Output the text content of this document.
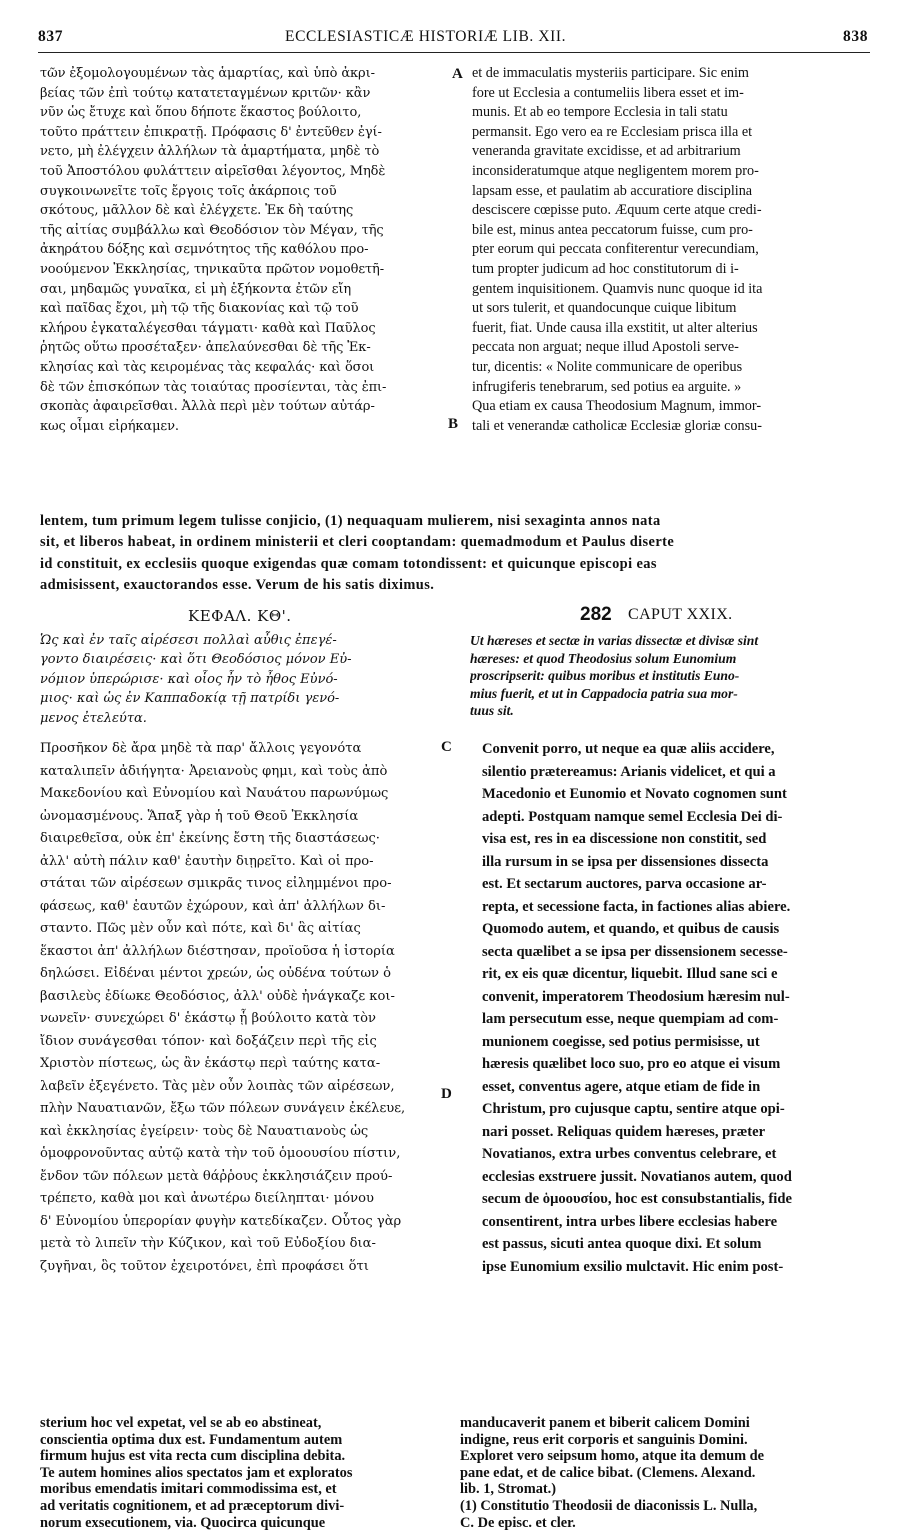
837	ECCLESIASTICÆ HISTORIÆ LIB. XII.	838
τῶν ἐξομολογουμένων τὰς ἁμαρτίας, καὶ ὑπὸ ἀκρι-
βείας τῶν ἐπὶ τούτῳ κατατεταγμένων κριτῶν· κἂν
νῦν ὡς ἔτυχε καὶ ὅπου δήποτε ἕκαστος βούλοιτο,
τοῦτο πράττειν ἐπικρατῇ. Πρόφασις δ' ἐντεῦθεν ἐγί-
νετο, μὴ ἐλέγχειν ἀλλήλων τὰ ἁμαρτήματα, μηδὲ τὸ
τοῦ Ἀποστόλου φυλάττειν αἱρεῖσθαι λέγοντος, Μηδὲ
συγκοινωνεῖτε τοῖς ἔργοις τοῖς ἀκάρποις τοῦ
σκότους, μᾶλλον δὲ καὶ ἐλέγχετε. Ἐκ δὴ ταύτης
τῆς αἰτίας συμβάλλω καὶ Θεοδόσιον τὸν Μέγαν, τῆς
ἀκηράτου δόξης καὶ σεμνότητος τῆς καθόλου προ-
νοούμενον Ἐκκλησίας, τηνικαῦτα πρῶτον νομοθετῆ-
σαι, μηδαμῶς γυναῖκα, εἰ μὴ ἑξήκοντα ἐτῶν εἴη
καὶ παῖδας ἔχοι, μὴ τῷ τῆς διακονίας καὶ τῷ τοῦ
κλήρου ἐγκαταλέγεσθαι τάγματι· καθὰ καὶ Παῦλος
ῥητῶς οὕτω προσέταξεν· ἀπελαύνεσθαι δὲ τῆς Ἐκ-
κλησίας καὶ τὰς κειρομένας τὰς κεφαλάς· καὶ ὅσοι
δὲ τῶν ἐπισκόπων τὰς τοιαύτας προσίενται, τὰς ἐπι-
σκοπὰς ἀφαιρεῖσθαι. Ἀλλὰ περὶ μὲν τούτων αὐτάρ-
κως οἶμαι εἰρήκαμεν.
et de immaculatis mysteriis participare. Sic enim
fore ut Ecclesia a contumeliis libera esset et im-
munis. Et ab eo tempore Ecclesia in tali statu
permansit. Ego vero ea re Ecclesiam prisca illa et
veneranda gravitate excidisse, et ad arbitrarium
inconsideratumque atque negligentem morem pro-
lapsam esse, et paulatim ab accuratiore disciplina
desciscere cœpisse puto. Æquum certe atque credi-
bile est, minus antea peccatorum fuisse, cum pro-
pter eorum qui peccata confiterentur verecundiam,
tum propter judicum ad hoc constitutorum di i-
gentem inquisitionem. Quamvis nunc quoque id ita
ut sors tulerit, et quandocunque cuique libitum
fuerit, fiat. Unde causa illa exstitit, ut alter alterius
peccata non arguat; neque illud Apostoli serve-
tur, dicentis: « Nolite communicare de operibus
infrugiferis tenebrarum, sed potius ea arguite. »
Qua etiam ex causa Theodosium Magnum, immor-
tali et venerandæ catholicæ Ecclesiæ gloriæ consu-
A
B
lentem, tum primum legem tulisse conjicio, (1) nequaquam mulierem, nisi sexaginta annos nata
sit, et liberos habeat, in ordinem ministerii et cleri cooptandam: quemadmodum et Paulus diserte
id constituit, ex ecclesiis quoque exigendas quæ comam totondissent: et quicunque episcopi eas
admisissent, exauctorandos esse. Verum de his satis diximus.
ΚΕΦΑΛ. ΚΘ'.	282 CAPUT XXIX.
Ὡς καὶ ἐν ταῖς αἱρέσεσι πολλαὶ αὖθις ἐπεγέ-
γοντο διαιρέσεις· καὶ ὅτι Θεοδόσιος μόνον Εὐ-
νόμιον ὑπερώρισε· καὶ οἷος ἦν τὸ ἦθος Εὐνό-
μιος· καὶ ὡς ἐν Καππαδοκίᾳ τῇ πατρίδι γενό-
μενος ἐτελεύτα.
Ut hæreses et sectæ in varias dissectæ et divisæ sint
hæreses: et quod Theodosius solum Eunomium
proscripserit: quibus moribus et institutis Euno-
mius fuerit, et ut in Cappadocia patria sua mor-
tuus sit.
Προσῆκον δὲ ἄρα μηδὲ τὰ παρ' ἄλλοις γεγονότα
καταλιπεῖν ἀδιήγητα· Ἀρειανοὺς φημι, καὶ τοὺς ἀπὸ
Μακεδονίου καὶ Εὐνομίου καὶ Ναυάτου παρωνύμως
ὠνομασμένους. Ἅπαξ γὰρ ἡ τοῦ Θεοῦ Ἐκκλησία
διαιρεθεῖσα, οὐκ ἐπ' ἐκείνης ἔστη τῆς διαστάσεως·
ἀλλ' αὐτὴ πάλιν καθ' ἑαυτὴν διῃρεῖτο. Καὶ οἱ προ-
στάται τῶν αἱρέσεων σμικρᾶς τινος εἰλημμένοι προ-
φάσεως, καθ' ἑαυτῶν ἐχώρουν, καὶ ἀπ' ἀλλήλων δι-
σταντο. Πῶς μὲν οὖν καὶ πότε, καὶ δι' ἃς αἰτίας
ἕκαστοι ἀπ' ἀλλήλων διέστησαν, προϊοῦσα ἡ ἱστορία
δηλώσει. Εἰδέναι μέντοι χρεών, ὡς οὐδένα τούτων ὁ
βασιλεὺς ἐδίωκε Θεοδόσιος, ἀλλ' οὐδὲ ἠνάγκαζε κοι-
νωνεῖν· συνεχώρει δ' ἑκάστῳ ᾗ βούλοιτο κατὰ τὸν
ἴδιον συνάγεσθαι τόπον· καὶ δοξάζειν περὶ τῆς εἰς
Χριστὸν πίστεως, ὡς ἂν ἑκάστῳ περὶ ταύτης κατα-
λαβεῖν ἐξεγένετο. Τὰς μὲν οὖν λοιπὰς τῶν αἱρέσεων,
πλὴν Ναυατιανῶν, ἔξω τῶν πόλεων συνάγειν ἐκέλευε,
καὶ ἐκκλησίας ἐγείρειν· τοὺς δὲ Ναυατιανοὺς ὡς
ὁμοφρονοῦντας αὐτῷ κατὰ τὴν τοῦ ὁμοουσίου πίστιν,
ἔνδον τῶν πόλεων μετὰ θάῤῥους ἐκκλησιάζειν πρού-
τρέπετο, καθὰ μοι καὶ ἀνωτέρω διείληπται· μόνου
δ' Εὐνομίου ὑπερορίαν φυγὴν κατεδίκαζεν. Οὗτος γὰρ
μετὰ τὸ λιπεῖν τὴν Κύζικον, καὶ τοῦ Εὐδοξίου δια-
ζυγῆναι, ὃς τοῦτον ἐχειροτόνει, ἐπὶ προφάσει ὅτι
Convenit porro, ut neque ea quæ aliis accidere,
silentio prætereamus: Arianis videlicet, et qui a
Macedonio et Eunomio et Novato cognomen sunt
adepti. Postquam namque semel Ecclesia Dei di-
visa est, res in ea discessione non constitit, sed
illa rursum in se ipsa per dissensiones dissecta
est. Et sectarum auctores, parva occasione ar-
repta, et secessione facta, in factiones alias abiere.
Quomodo autem, et quando, et quibus de causis
secta quælibet a se ipsa per dissensionem secesse-
rit, ex eis quæ dicentur, liquebit. Illud sane sci e
convenit, imperatorem Theodosium hæresim nul-
lam persecutum esse, neque quempiam ad com-
munionem coegisse, sed potius permisisse, ut
hæresis quælibet loco suo, pro eo atque ei visum
esset, conventus agere, atque etiam de fide in
Christum, pro cujusque captu, sentire atque opi-
nari posset. Reliquas quidem hæreses, præter
Novatianos, extra urbes conventus celebrare, et
ecclesias exstruere jussit. Novatianos autem, quod
secum de ὁμοουσίου, hoc est consubstantialis, fide
consentirent, intra urbes libere ecclesias habere
est passus, sicuti antea quoque dixi. Et solum
ipse Eunomium exsilio mulctavit. Hic enim post-
C
D
sterium hoc vel expetat, vel se ab eo abstineat,
conscientia optima dux est. Fundamentum autem
firmum hujus est vita recta cum disciplina debita.
Te autem homines alios spectatos jam et exploratos
moribus emendatis imitari commodissima est, et
ad veritatis cognitionem, et ad præceptorum divi-
norum exsecutionem, via. Quocirca quicunque
manducaverit panem et biberit calicem Domini
indigne, reus erit corporis et sanguinis Domini.
Exploret vero seipsum homo, atque ita demum de
pane edat, et de calice bibat. (Clemens. Alexand.
lib. 1, Stromat.)
(1) Constitutio Theodosii de diaconissis L. Nulla,
C. De episc. et cler.
